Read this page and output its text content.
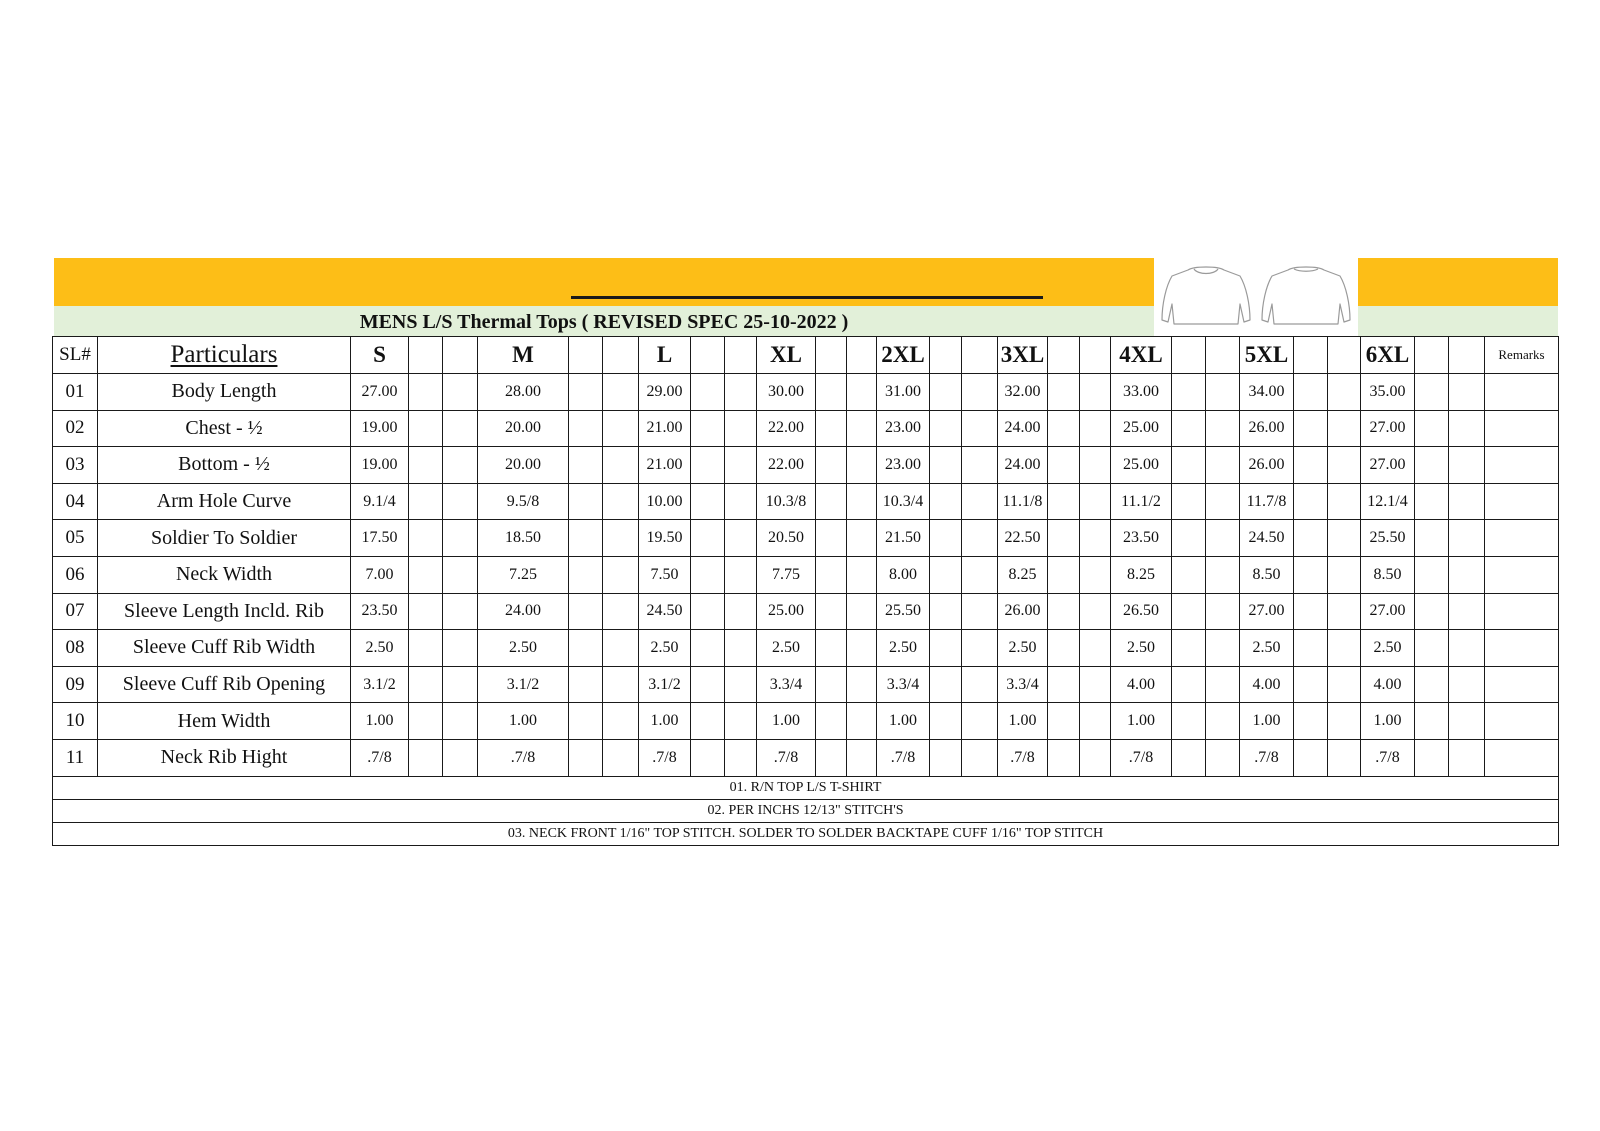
MENS L/S Thermal Tops ( REVISED SPEC 25-10-2022 )
SL#	Particulars	S			M			L			XL			2XL			3XL			4XL			5XL			6XL			Remarks
01	Body Length	27.00			28.00			29.00			30.00			31.00			32.00			33.00			34.00			35.00			
02	Chest - ½	19.00			20.00			21.00			22.00			23.00			24.00			25.00			26.00			27.00			
03	Bottom - ½	19.00			20.00			21.00			22.00			23.00			24.00			25.00			26.00			27.00			
04	Arm Hole Curve	9.1/4			9.5/8			10.00			10.3/8			10.3/4			11.1/8			11.1/2			11.7/8			12.1/4			
05	Soldier To Soldier	17.50			18.50			19.50			20.50			21.50			22.50			23.50			24.50			25.50			
06	Neck Width	7.00			7.25			7.50			7.75			8.00			8.25			8.25			8.50			8.50			
07	Sleeve Length Incld. Rib	23.50			24.00			24.50			25.00			25.50			26.00			26.50			27.00			27.00			
08	Sleeve Cuff Rib Width	2.50			2.50			2.50			2.50			2.50			2.50			2.50			2.50			2.50			
09	Sleeve Cuff Rib Opening	3.1/2			3.1/2			3.1/2			3.3/4			3.3/4			3.3/4			4.00			4.00			4.00			
10	Hem Width	1.00			1.00			1.00			1.00			1.00			1.00			1.00			1.00			1.00			
11	Neck Rib Hight	.7/8			.7/8			.7/8			.7/8			.7/8			.7/8			.7/8			.7/8			.7/8			
01. R/N TOP L/S T-SHIRT																													
02. PER INCHS 12/13" STITCH'S																													
03. NECK FRONT 1/16" TOP STITCH. SOLDER TO SOLDER BACKTAPE CUFF 1/16" TOP STITCH																													
